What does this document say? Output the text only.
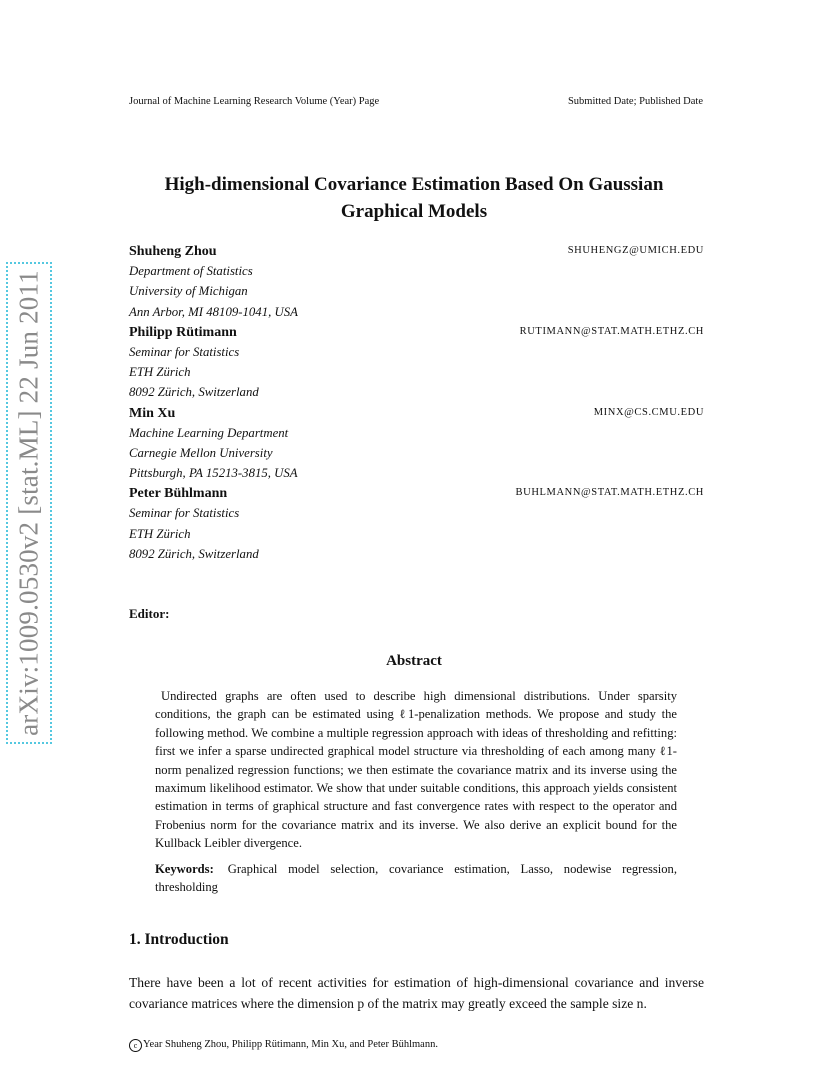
Journal of Machine Learning Research Volume (Year) Page	Submitted Date; Published Date
High-dimensional Covariance Estimation Based On Gaussian
Graphical Models
Shuheng Zhou	SHUHENGZ@UMICH.EDU
Department of Statistics
University of Michigan
Ann Arbor, MI 48109-1041, USA
Philipp Rütimann	RUTIMANN@STAT.MATH.ETHZ.CH
Seminar for Statistics
ETH Zürich
8092 Zürich, Switzerland
Min Xu	MINX@CS.CMU.EDU
Machine Learning Department
Carnegie Mellon University
Pittsburgh, PA 15213-3815, USA
Peter Bühlmann	BUHLMANN@STAT.MATH.ETHZ.CH
Seminar for Statistics
ETH Zürich
8092 Zürich, Switzerland
Editor:
Abstract
Undirected graphs are often used to describe high dimensional distributions. Under sparsity conditions, the graph can be estimated using ℓ1-penalization methods. We propose and study the following method. We combine a multiple regression approach with ideas of thresholding and refitting: first we infer a sparse undirected graphical model structure via thresholding of each among many ℓ1-norm penalized regression functions; we then estimate the covariance matrix and its inverse using the maximum likelihood estimator. We show that under suitable conditions, this approach yields consistent estimation in terms of graphical structure and fast convergence rates with respect to the operator and Frobenius norm for the covariance matrix and its inverse. We also derive an explicit bound for the Kullback Leibler divergence.
Keywords: Graphical model selection, covariance estimation, Lasso, nodewise regression, thresholding
1. Introduction
There have been a lot of recent activities for estimation of high-dimensional covariance and inverse covariance matrices where the dimension p of the matrix may greatly exceed the sample size n.
c Year Shuheng Zhou, Philipp Rütimann, Min Xu, and Peter Bühlmann.
arXiv:1009.0530v2 [stat.ML] 22 Jun 2011
